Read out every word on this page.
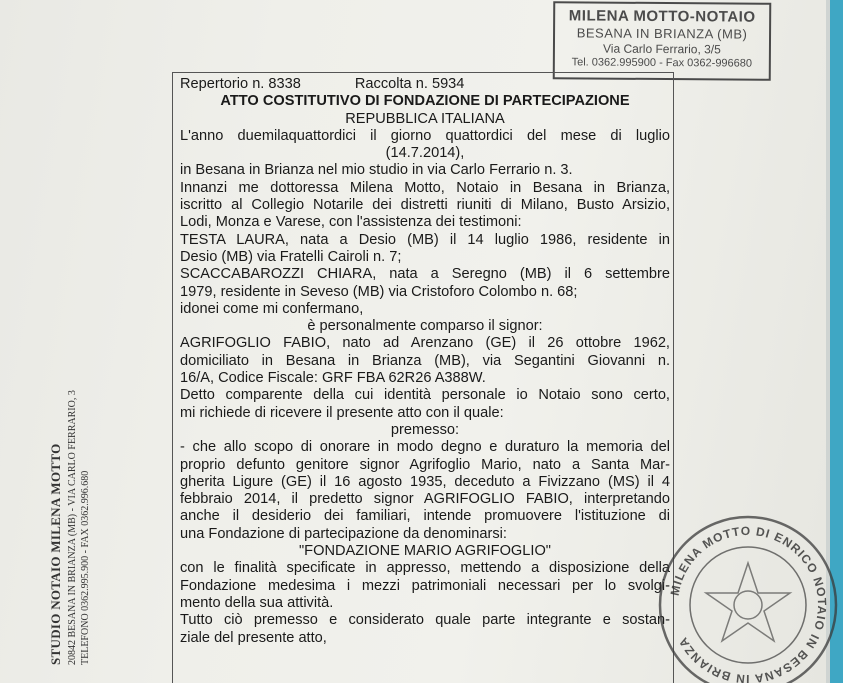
MILENA MOTTO-NOTAIO
BESANA IN BRIANZA (MB)
Via Carlo Ferrario, 3/5
Tel. 0362.995900 - Fax 0362-996680
STUDIO NOTAIO MILENA MOTTO 20842 BESANA IN BRIANZA (MB) - VIA CARLO FERRARIO, 3 TELEFONO 0362.995.900 - FAX 0362.996.680
Repertorio n. 8338	Raccolta n. 5934
ATTO COSTITUTIVO DI FONDAZIONE DI PARTECIPAZIONE
REPUBBLICA ITALIANA
L'anno duemilaquattordici il giorno quattordici del mese di luglio
(14.7.2014),
in Besana in Brianza nel mio studio in via Carlo Ferrario n. 3.
Innanzi me dottoressa Milena Motto, Notaio in Besana in Brianza,
iscritto al Collegio Notarile dei distretti riuniti di Milano, Busto Arsizio,
Lodi, Monza e Varese, con l'assistenza dei testimoni:
TESTA LAURA, nata a Desio (MB) il 14 luglio 1986, residente in
Desio (MB) via Fratelli Cairoli n. 7;
SCACCABAROZZI CHIARA, nata a Seregno (MB) il 6 settembre
1979, residente in Seveso (MB) via Cristoforo Colombo n. 68;
idonei come mi confermano,
è personalmente comparso il signor:
AGRIFOGLIO FABIO, nato ad Arenzano (GE) il 26 ottobre 1962,
domiciliato in Besana in Brianza (MB), via Segantini Giovanni n.
16/A, Codice Fiscale: GRF FBA 62R26 A388W.
Detto comparente della cui identità personale io Notaio sono certo,
mi richiede di ricevere il presente atto con il quale:
premesso:
- che allo scopo di onorare in modo degno e duraturo la memoria del
proprio defunto genitore signor Agrifoglio Mario, nato a Santa Mar-
gherita Ligure (GE) il 16 agosto 1935, deceduto a Fivizzano (MS) il 4
febbraio 2014, il predetto signor AGRIFOGLIO FABIO, interpretando
anche il desiderio dei familiari, intende promuovere l'istituzione di
una Fondazione di partecipazione da denominarsi:
"FONDAZIONE MARIO AGRIFOGLIO"
con le finalità specificate in appresso, mettendo a disposizione della
Fondazione medesima i mezzi patrimoniali necessari per lo svolgi-
mento della sua attività.
Tutto ciò premesso e considerato quale parte integrante e sostan-
ziale del presente atto,
MILENA MOTTO DI ENRICO NOTAIO IN BESANA IN BRIANZA
